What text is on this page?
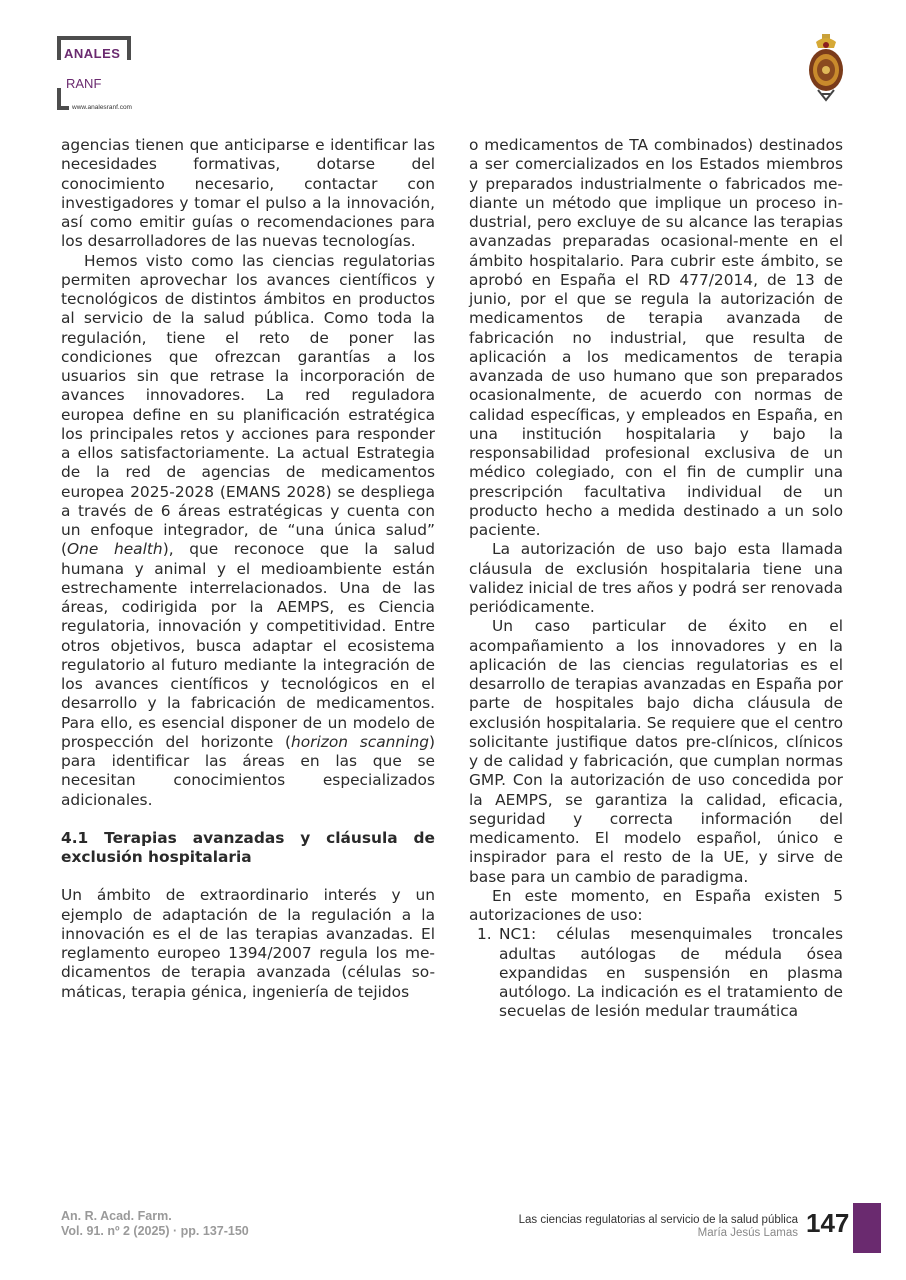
ANALES
RANF
www.analesranf.com

agencias tienen que anticiparse e identificar las necesidades formativas, dotarse del conocimiento necesario, contactar con investigadores y tomar el pulso a la innovación, así como emitir guías o recomendaciones para los desarrolladores de las nuevas tecnologías.

Hemos visto como las ciencias regulatorias permiten aprovechar los avances científicos y tecnológicos de distintos ámbitos en productos al servicio de la salud pública. Como toda la regulación, tiene el reto de poner las condiciones que ofrezcan garantías a los usuarios sin que retrase la incorporación de avances innovadores. La red reguladora europea define en su planificación estratégica los principales retos y acciones para responder a ellos satisfactoriamente. La actual Estrategia de la red de agencias de medicamentos europea 2025-2028 (EMANS 2028) se despliega a través de 6 áreas estratégicas y cuenta con un enfoque integrador, de “una única salud” (One health), que reconoce que la salud humana y animal y el medioambiente están estrechamente interrelacionados. Una de las áreas, codirigida por la AEMPS, es Ciencia regulatoria, innovación y competitividad. Entre otros objetivos, busca adaptar el ecosistema regulatorio al futuro mediante la integración de los avances científicos y tecnológicos en el desarrollo y la fabricación de medicamentos. Para ello, es esencial disponer de un modelo de prospección del horizonte (horizon scanning) para identificar las áreas en las que se necesitan conocimientos especializados adicionales.

4.1 Terapias avanzadas y cláusula de exclusión hospitalaria

Un ámbito de extraordinario interés y un ejemplo de adaptación de la regulación a la innovación es el de las terapias avanzadas. El reglamento europeo 1394/2007 regula los me-dicamentos de terapia avanzada (células so-máticas, terapia génica, ingeniería de tejidos

o medicamentos de TA combinados) destinados a ser comercializados en los Estados miembros y preparados industrialmente o fabricados me-diante un método que implique un proceso in-dustrial, pero excluye de su alcance las terapias avanzadas preparadas ocasional-mente en el ámbito hospitalario. Para cubrir este ámbito, se aprobó en España el RD 477/2014, de 13 de junio, por el que se regula la autorización de medicamentos de terapia avanzada de fabricación no industrial, que resulta de aplicación a los medicamentos de terapia avanzada de uso humano que son preparados ocasionalmente, de acuerdo con normas de calidad específicas, y empleados en España, en una institución hospitalaria y bajo la responsabilidad profesional exclusiva de un médico colegiado, con el fin de cumplir una prescripción facultativa individual de un producto hecho a medida destinado a un solo paciente.

La autorización de uso bajo esta llamada cláusula de exclusión hospitalaria tiene una validez inicial de tres años y podrá ser renovada periódicamente.

Un caso particular de éxito en el acompañamiento a los innovadores y en la aplicación de las ciencias regulatorias es el desarrollo de terapias avanzadas en España por parte de hospitales bajo dicha cláusula de exclusión hospitalaria. Se requiere que el centro solicitante justifique datos pre-clínicos, clínicos y de calidad y fabricación, que cumplan normas GMP. Con la autorización de uso concedida por la AEMPS, se garantiza la calidad, eficacia, seguridad y correcta información del medicamento. El modelo español, único e inspirador para el resto de la UE, y sirve de base para un cambio de paradigma.

En este momento, en España existen 5 autorizaciones de uso:

1. NC1: células mesenquimales troncales adultas autólogas de médula ósea expandidas en suspensión en plasma autólogo. La indicación es el tratamiento de secuelas de lesión medular traumática
An. R. Acad. Farm.
Vol. 91. nº 2 (2025) · pp. 137-150
Las ciencias regulatorias al servicio de la salud pública
María Jesús Lamas 147
